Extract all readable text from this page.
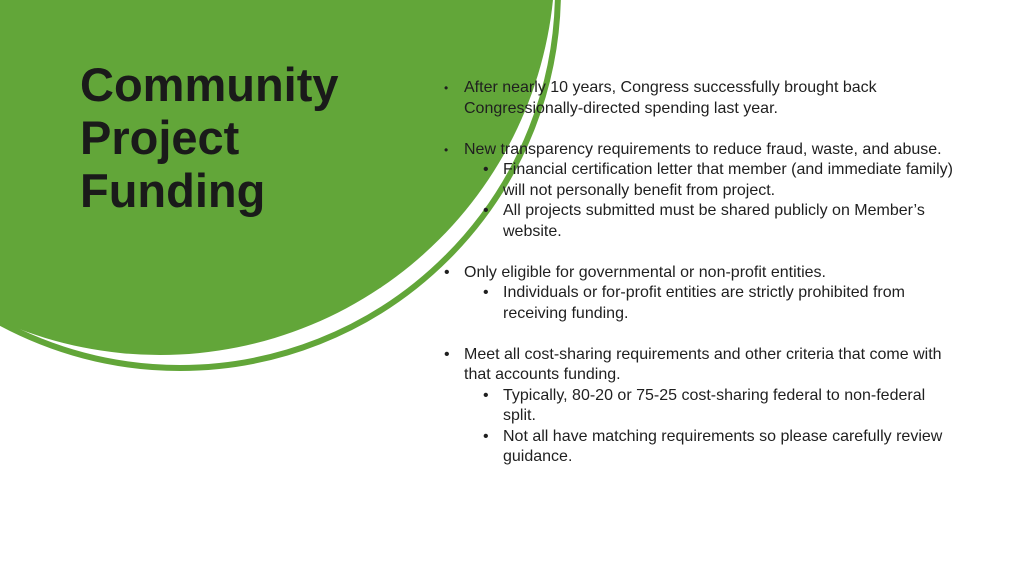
Community
Project
Funding
• After nearly 10 years, Congress successfully brought back Congressionally-directed spending last year.
• New transparency requirements to reduce fraud, waste, and abuse.
• Financial certification letter that member (and immediate family) will not personally benefit from project.
• All projects submitted must be shared publicly on Member’s website.
• Only eligible for governmental or non-profit entities.
• Individuals or for-profit entities are strictly prohibited from receiving funding.
• Meet all cost-sharing requirements and other criteria that come with that accounts funding.
• Typically, 80-20 or 75-25 cost-sharing federal to non-federal split.
• Not all have matching requirements so please carefully review guidance.
